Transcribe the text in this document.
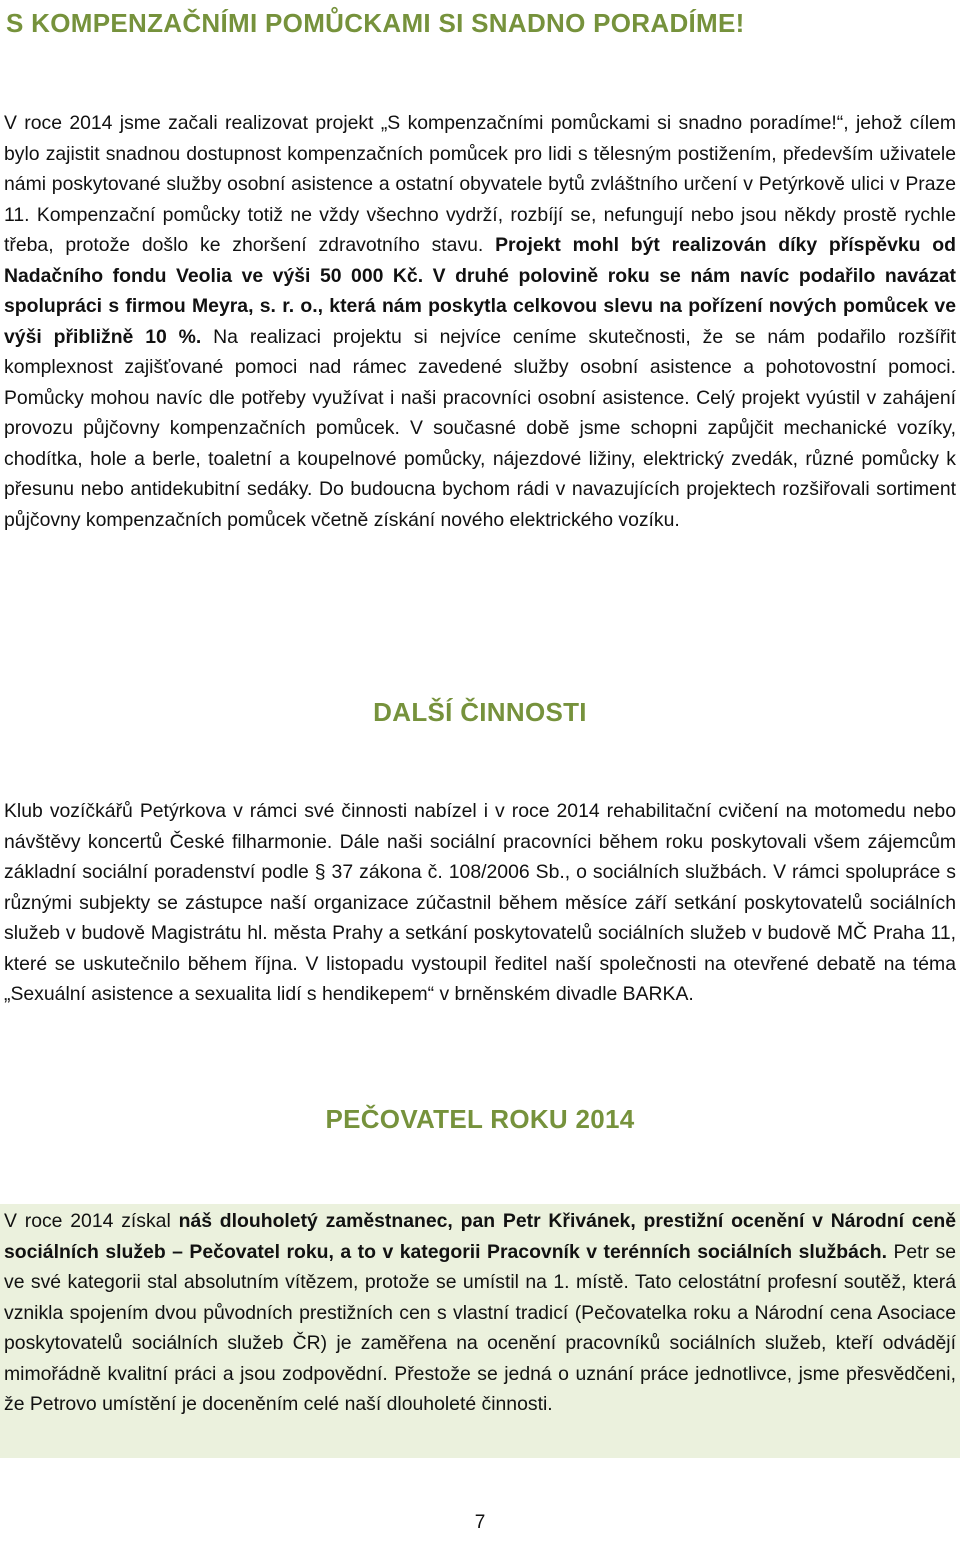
S KOMPENZAČNÍMI POMŮCKAMI SI SNADNO PORADÍME!

V roce 2014 jsme začali realizovat projekt „S kompenzačními pomůckami si snadno poradíme!“, jehož cílem bylo zajistit snadnou dostupnost kompenzačních pomůcek pro lidi s tělesným postižením, především uživatele námi poskytované služby osobní asistence a ostatní obyvatele bytů zvláštního určení v Petýrkově ulici v Praze 11. Kompenzační pomůcky totiž ne vždy všechno vydrží, rozbíjí se, nefungují nebo jsou někdy prostě rychle třeba, protože došlo ke zhoršení zdravotního stavu. Projekt mohl být realizován díky příspěvku od Nadačního fondu Veolia ve výši 50 000 Kč. V druhé polovině roku se nám navíc podařilo navázat spolupráci s firmou Meyra, s. r. o., která nám poskytla celkovou slevu na pořízení nových pomůcek ve výši přibližně 10 %. Na realizaci projektu si nejvíce ceníme skutečnosti, že se nám podařilo rozšířit komplexnost zajišťované pomoci nad rámec zavedené služby osobní asistence a pohotovostní pomoci. Pomůcky mohou navíc dle potřeby využívat i naši pracovníci osobní asistence. Celý projekt vyústil v zahájení provozu půjčovny kompenzačních pomůcek. V současné době jsme schopni zapůjčit mechanické vozíky, chodítka, hole a berle, toaletní a koupelnové pomůcky, nájezdové ližiny, elektrický zvedák, různé pomůcky k přesunu nebo antidekubitní sedáky. Do budoucna bychom rádi v navazujících projektech rozšiřovali sortiment půjčovny kompenzačních pomůcek včetně získání nového elektrického vozíku.

DALŠÍ ČINNOSTI

Klub vozíčkářů Petýrkova v rámci své činnosti nabízel i v roce 2014 rehabilitační cvičení na motomedu nebo návštěvy koncertů České filharmonie. Dále naši sociální pracovníci během roku poskytovali všem zájemcům základní sociální poradenství podle § 37 zákona č. 108/2006 Sb., o sociálních službách. V rámci spolupráce s různými subjekty se zástupce naší organizace zúčastnil během měsíce září setkání poskytovatelů sociálních služeb v budově Magistrátu hl. města Prahy a setkání poskytovatelů sociálních služeb v budově MČ Praha 11, které se uskutečnilo během října. V listopadu vystoupil ředitel naší společnosti na otevřené debatě na téma „Sexuální asistence a sexualita lidí s hendikepem“ v brněnském divadle BARKA.

PEČOVATEL ROKU 2014

V roce 2014 získal náš dlouholetý zaměstnanec, pan Petr Křivánek, prestižní ocenění v Národní ceně sociálních služeb – Pečovatel roku, a to v kategorii Pracovník v terénních sociálních službách. Petr se ve své kategorii stal absolutním vítězem, protože se umístil na 1. místě. Tato celostátní profesní soutěž, která vznikla spojením dvou původních prestižních cen s vlastní tradicí (Pečovatelka roku a Národní cena Asociace poskytovatelů sociálních služeb ČR) je zaměřena na ocenění pracovníků sociálních služeb, kteří odvádějí mimořádně kvalitní práci a jsou zodpovědní. Přestože se jedná o uznání práce jednotlivce, jsme přesvědčeni, že Petrovo umístění je doceněním celé naší dlouholeté činnosti.

7
